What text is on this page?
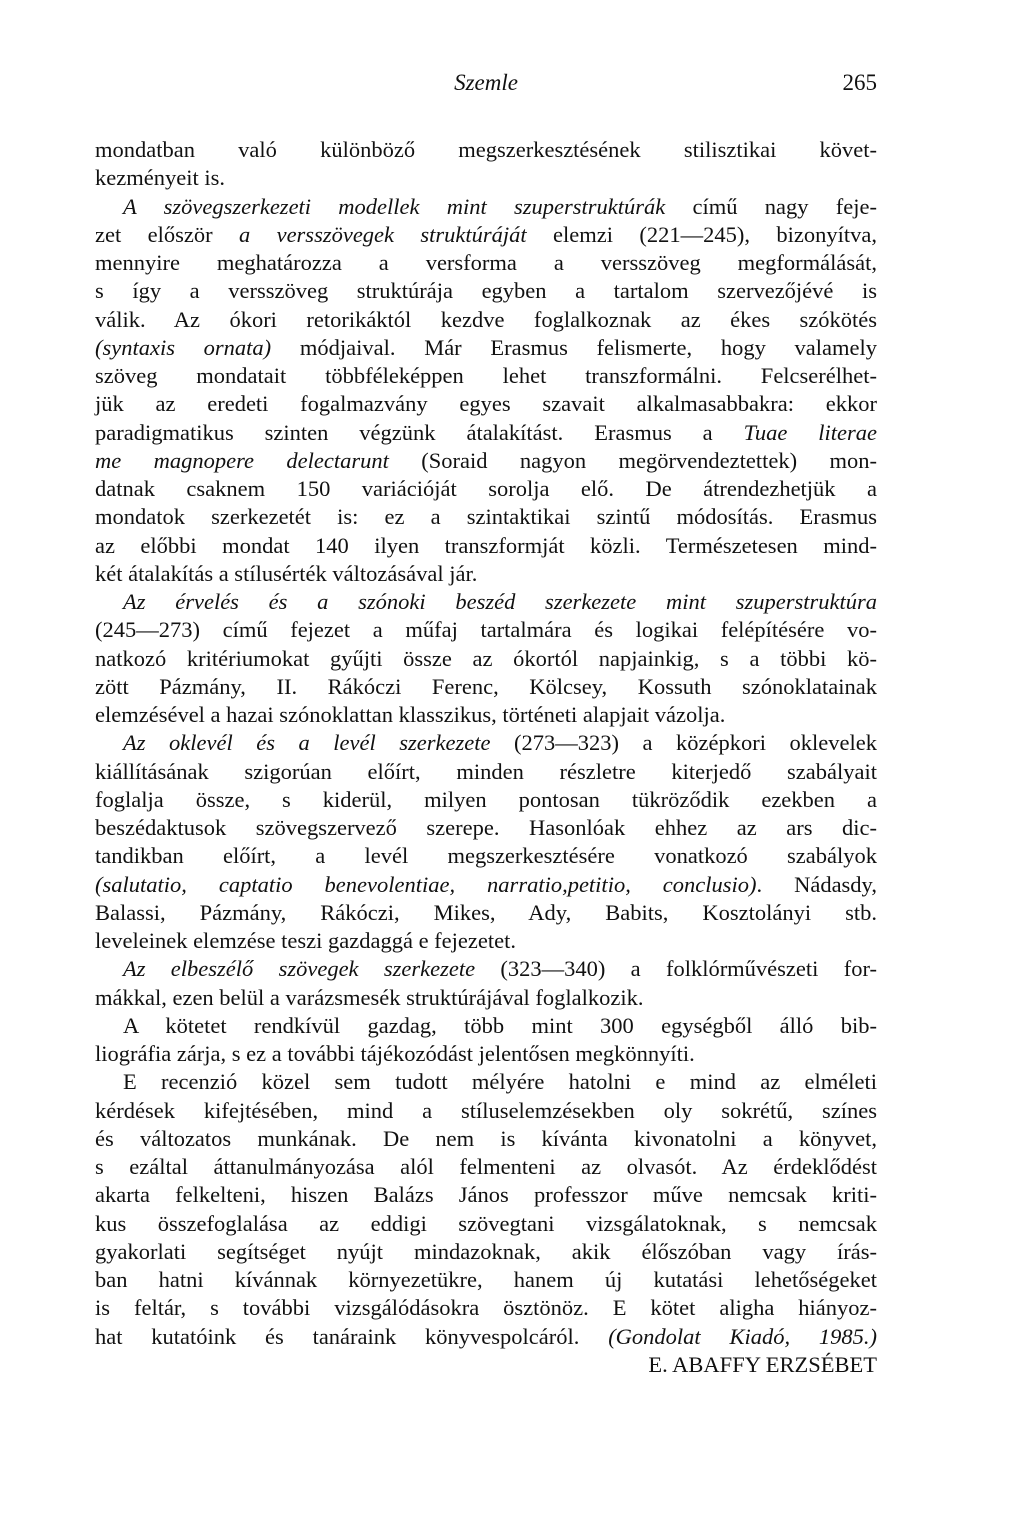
Szemle	265
mondatban való különböző megszerkesztésének stilisztikai követ-
kezményeit is.
A szövegszerkezeti modellek mint szuperstruktúrák című nagy feje-
zet először a versszövegek struktúráját elemzi (221—245), bizonyítva,
mennyire meghatározza a versforma a versszöveg megformálását,
s így a versszöveg struktúrája egyben a tartalom szervezőjévé is
válik. Az ókori retorikáktól kezdve foglalkoznak az ékes szókötés
(syntaxis ornata) módjaival. Már Erasmus felismerte, hogy valamely
szöveg mondatait többféleképpen lehet transzformálni. Felcserélhet-
jük az eredeti fogalmazvány egyes szavait alkalmasabbakra: ekkor
paradigmatikus szinten végzünk átalakítást. Erasmus a Tuae literae
me magnopere delectarunt (Soraid nagyon megörvendeztettek) mon-
datnak csaknem 150 variációját sorolja elő. De átrendezhetjük a
mondatok szerkezetét is: ez a szintaktikai szintű módosítás. Erasmus
az előbbi mondat 140 ilyen transzformját közli. Természetesen mind-
két átalakítás a stílusérték változásával jár.
Az érvelés és a szónoki beszéd szerkezete mint szuperstruktúra
(245—273) című fejezet a műfaj tartalmára és logikai felépítésére vo-
natkozó kritériumokat gyűjti össze az ókortól napjainkig, s a többi kö-
zött Pázmány, II. Rákóczi Ferenc, Kölcsey, Kossuth szónoklatainak
elemzésével a hazai szónoklattan klasszikus, történeti alapjait vázolja.
Az oklevél és a levél szerkezete (273—323) a középkori oklevelek
kiállításának szigorúan előírt, minden részletre kiterjedő szabályait
foglalja össze, s kiderül, milyen pontosan tükröződik ezekben a
beszédaktusok szövegszervező szerepe. Hasonlóak ehhez az ars dic-
tandikban előírt, a levél megszerkesztésére vonatkozó szabályok
(salutatio, captatio benevolentiae, narratio,petitio, conclusio). Nádasdy,
Balassi, Pázmány, Rákóczi, Mikes, Ady, Babits, Kosztolányi stb.
leveleinek elemzése teszi gazdaggá e fejezetet.
Az elbeszélő szövegek szerkezete (323—340) a folklórművészeti for-
mákkal, ezen belül a varázsmesék struktúrájával foglalkozik.
A kötetet rendkívül gazdag, több mint 300 egységből álló bib-
liográfia zárja, s ez a további tájékozódást jelentősen megkönnyíti.
E recenzió közel sem tudott mélyére hatolni e mind az elméleti
kérdések kifejtésében, mind a stíluselemzésekben oly sokrétű, színes
és változatos munkának. De nem is kívánta kivonatolni a könyvet,
s ezáltal áttanulmányozása alól felmenteni az olvasót. Az érdeklődést
akarta felkelteni, hiszen Balázs János professzor műve nemcsak kriti-
kus összefoglalása az eddigi szövegtani vizsgálatoknak, s nemcsak
gyakorlati segítséget nyújt mindazoknak, akik élőszóban vagy írás-
ban hatni kívánnak környezetükre, hanem új kutatási lehetőségeket
is feltár, s további vizsgálódásokra ösztönöz. E kötet aligha hiányoz-
hat kutatóink és tanáraink könyvespolcáról. (Gondolat Kiadó, 1985.)
E. ABAFFY ERZSÉBET
